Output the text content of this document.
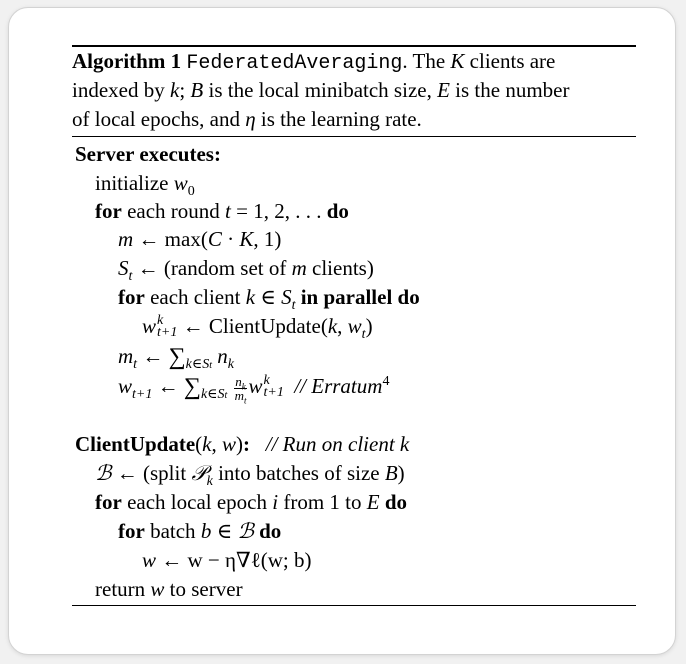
Algorithm 1 FederatedAveraging. The K clients are
indexed by k; B is the local minibatch size, E is the number
of local epochs, and η is the learning rate.
Server executes:
initialize $w_0$
for each round t = 1, 2, . . . do
m ← max(C · K, 1)
$S_t$ ← (random set of m clients)
for each client k ∈ $S_t$ in parallel do
w k
t+1 ← ClientUpdate(k, $w_t$)
$m_t$ ← $\sum_{k\in St}$ $n_k$
$w_{t+1}$ ← $\sum_{k\in St} \frac{n_k}{m_t}$ w k
t+1 // Erratum$^4$
ClientUpdate(k, w): // Run on client k
ℬ ← (split 𝒫$_k$ into batches of size B)
for each local epoch i from 1 to E do
for batch b ∈ ℬ do
w ← w − η∇ℓ(w; b)
return w to server
